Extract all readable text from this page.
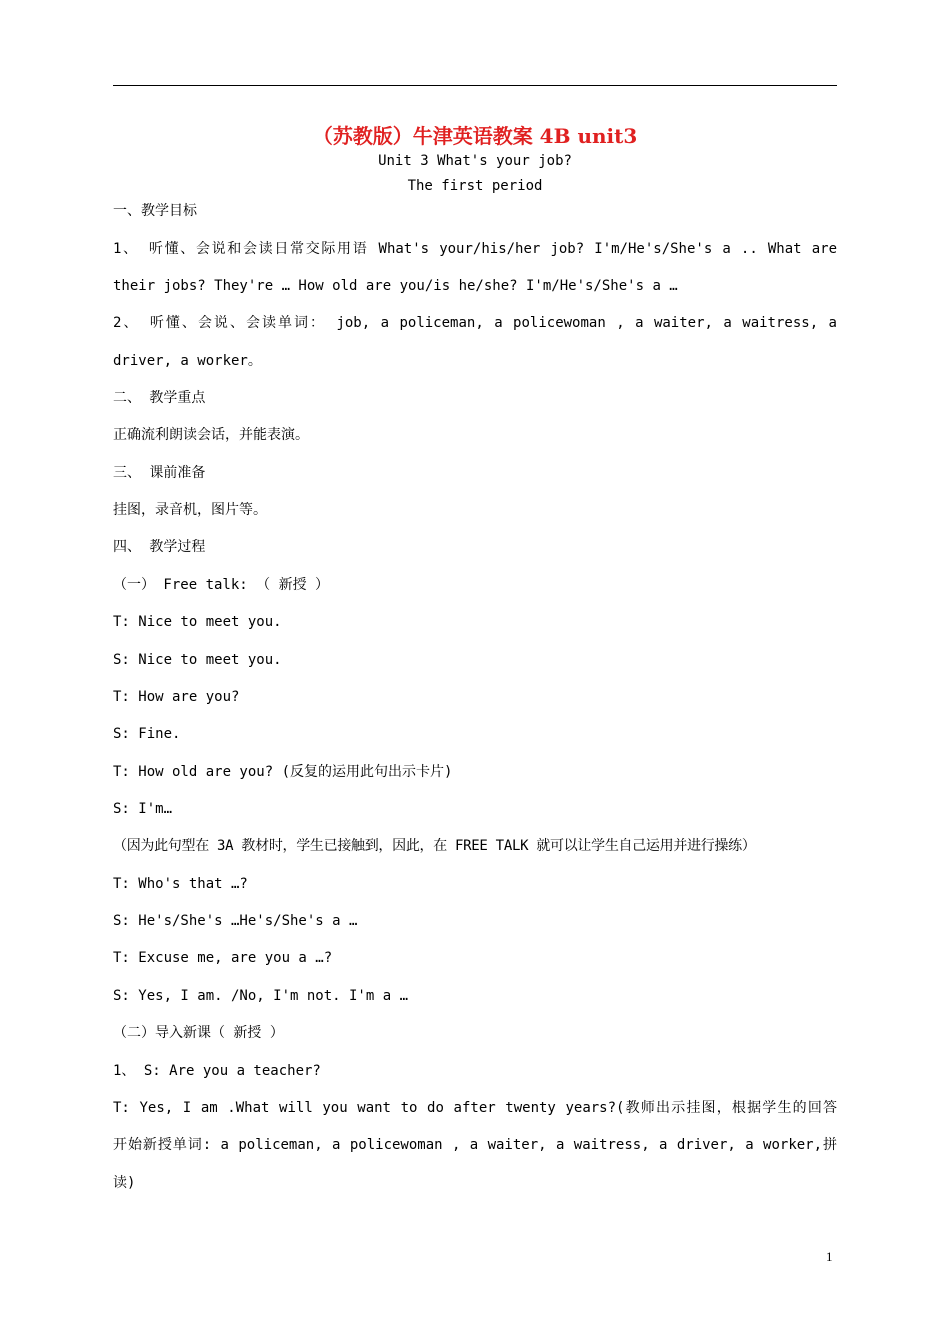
（苏教版）牛津英语教案 4B unit3
Unit 3 What's your job?
The first period
一、教学目标
1、 听懂、会说和会读日常交际用语 What's your/his/her job? I'm/He's/She's a .. What are
their jobs? They're … How old are you/is he/she? I'm/He's/She's a …
2、 听懂、会说、会读单词： job, a policeman, a policewoman , a waiter, a waitress, a
driver, a worker。
二、 教学重点
正确流利朗读会话，并能表演。
三、 课前准备
挂图，录音机，图片等。
四、 教学过程
（一） Free talk: （ 新授 ）
T: Nice to meet you.
S: Nice to meet you.
T: How are you?
S: Fine.
T: How old are you? (反复的运用此句出示卡片)
S: I'm…
（因为此句型在 3A 教材时，学生已接触到，因此，在 FREE TALK 就可以让学生自己运用并进行操练）
T: Who's that …?
S: He's/She's …He's/She's a …
T: Excuse me, are you a …?
S: Yes, I am. /No, I'm not. I'm a …
（二）导入新课（ 新授 ）
1、 S: Are you a teacher?
T: Yes, I am .What will you want to do after twenty years?(教师出示挂图，根据学生的回答
开始新授单词: a policeman, a policewoman , a waiter, a waitress, a driver, a worker,拼
读)
1
